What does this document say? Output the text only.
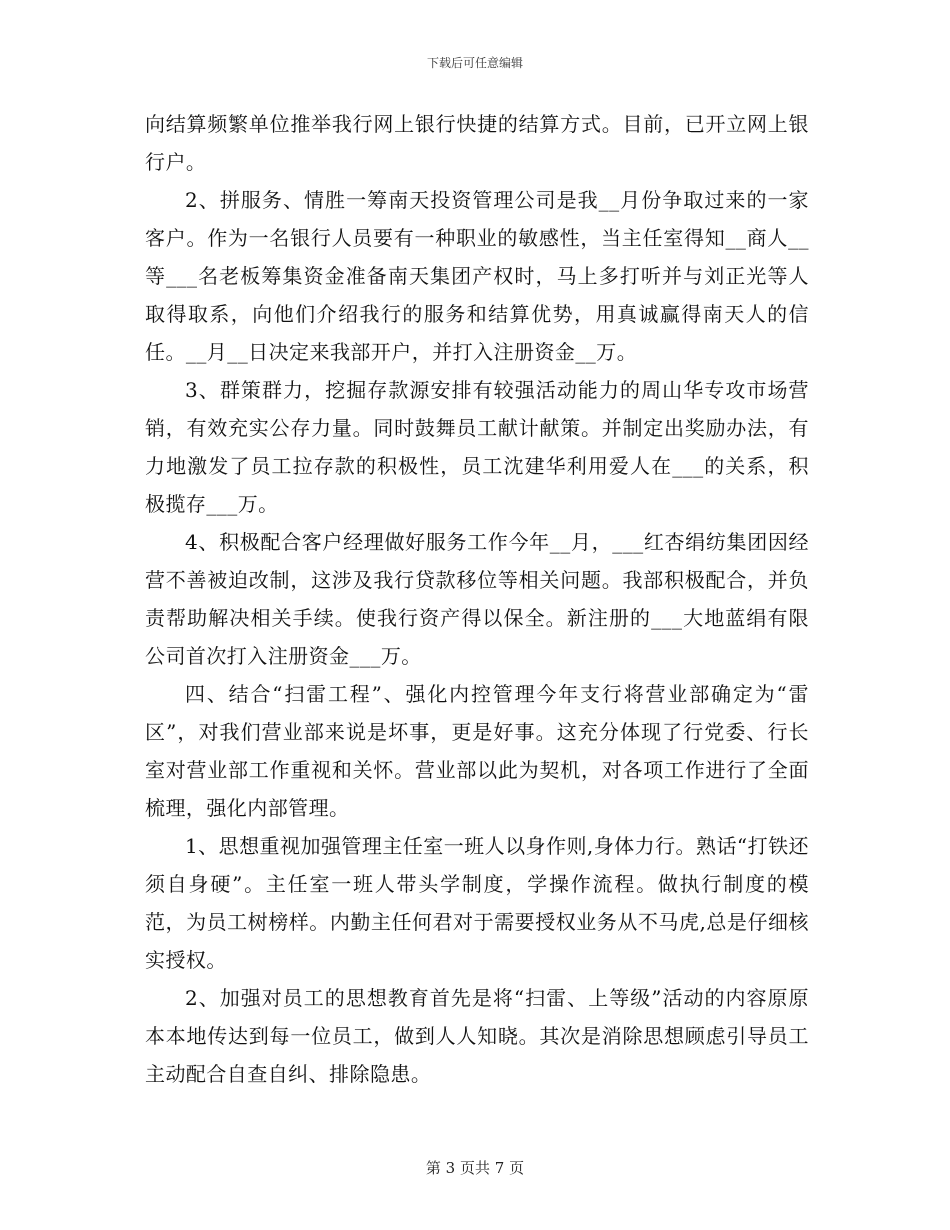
下载后可任意编辑

向结算频繁单位推举我行网上银行快捷的结算方式。目前，已开立网上银行户。

2、拼服务、情胜一筹南天投资管理公司是我__月份争取过来的一家客户。作为一名银行人员要有一种职业的敏感性，当主任室得知__商人__等___名老板筹集资金准备南天集团产权时，马上多打听并与刘正光等人取得取系，向他们介绍我行的服务和结算优势，用真诚赢得南天人的信任。__月__日决定来我部开户，并打入注册资金__万。

3、群策群力，挖掘存款源安排有较强活动能力的周山华专攻市场营销，有效充实公存力量。同时鼓舞员工献计献策。并制定出奖励办法，有力地激发了员工拉存款的积极性，员工沈建华利用爱人在___的关系，积极揽存___万。

4、积极配合客户经理做好服务工作今年__月，___红杏绢纺集团因经营不善被迫改制，这涉及我行贷款移位等相关问题。我部积极配合，并负责帮助解决相关手续。使我行资产得以保全。新注册的___大地蓝绢有限公司首次打入注册资金___万。

四、结合“扫雷工程”、强化内控管理今年支行将营业部确定为“雷区”，对我们营业部来说是坏事，更是好事。这充分体现了行党委、行长室对营业部工作重视和关怀。营业部以此为契机，对各项工作进行了全面梳理，强化内部管理。

1、思想重视加强管理主任室一班人以身作则,身体力行。熟话“打铁还须自身硬”。主任室一班人带头学制度，学操作流程。做执行制度的模范，为员工树榜样。内勤主任何君对于需要授权业务从不马虎,总是仔细核实授权。

2、加强对员工的思想教育首先是将“扫雷、上等级”活动的内容原原本本地传达到每一位员工，做到人人知晓。其次是消除思想顾虑引导员工主动配合自查自纠、排除隐患。

第 3 页共 7 页
